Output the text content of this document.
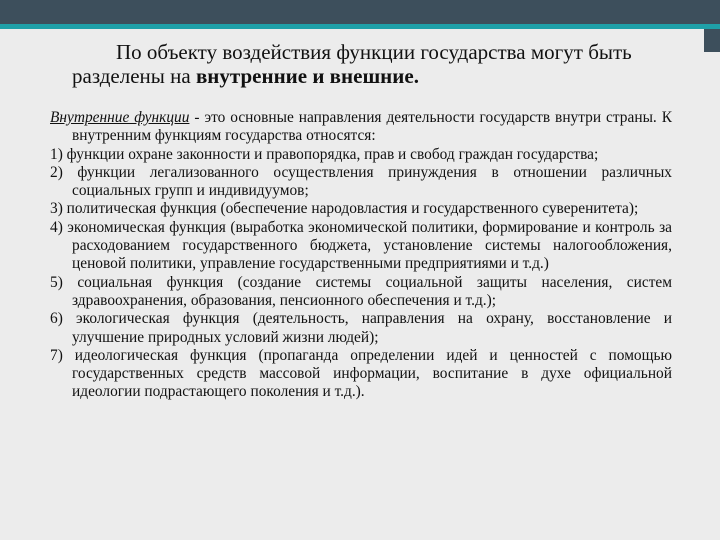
По объекту воздействия функции государства могут быть разделены на внутренние и внешние.

Внутренние функции - это основные направления деятельности государств внутри страны. К внутренним функциям государства относятся:

1) функции охране законности и правопорядка, прав и свобод граждан государства;

2) функции легализованного осуществления принуждения в отношении различных социальных групп и индивидуумов;

3) политическая функция (обеспечение народовластия и государственного суверенитета);

4) экономическая функция (выработка экономической политики, формирование и контроль за расходованием государственного бюджета, установление системы налогообложения, ценовой политики, управление государственными предприятиями и т.д.)

5) социальная функция (создание системы социальной защиты населения, систем здравоохранения, образования, пенсионного обеспечения и т.д.);

6) экологическая функция (деятельность, направления на охрану, восстановление и улучшение природных условий жизни людей);

7) идеологическая функция (пропаганда определении идей и ценностей с помощью государственных средств массовой информации, воспитание в духе официальной идеологии подрастающего поколения и т.д.).
